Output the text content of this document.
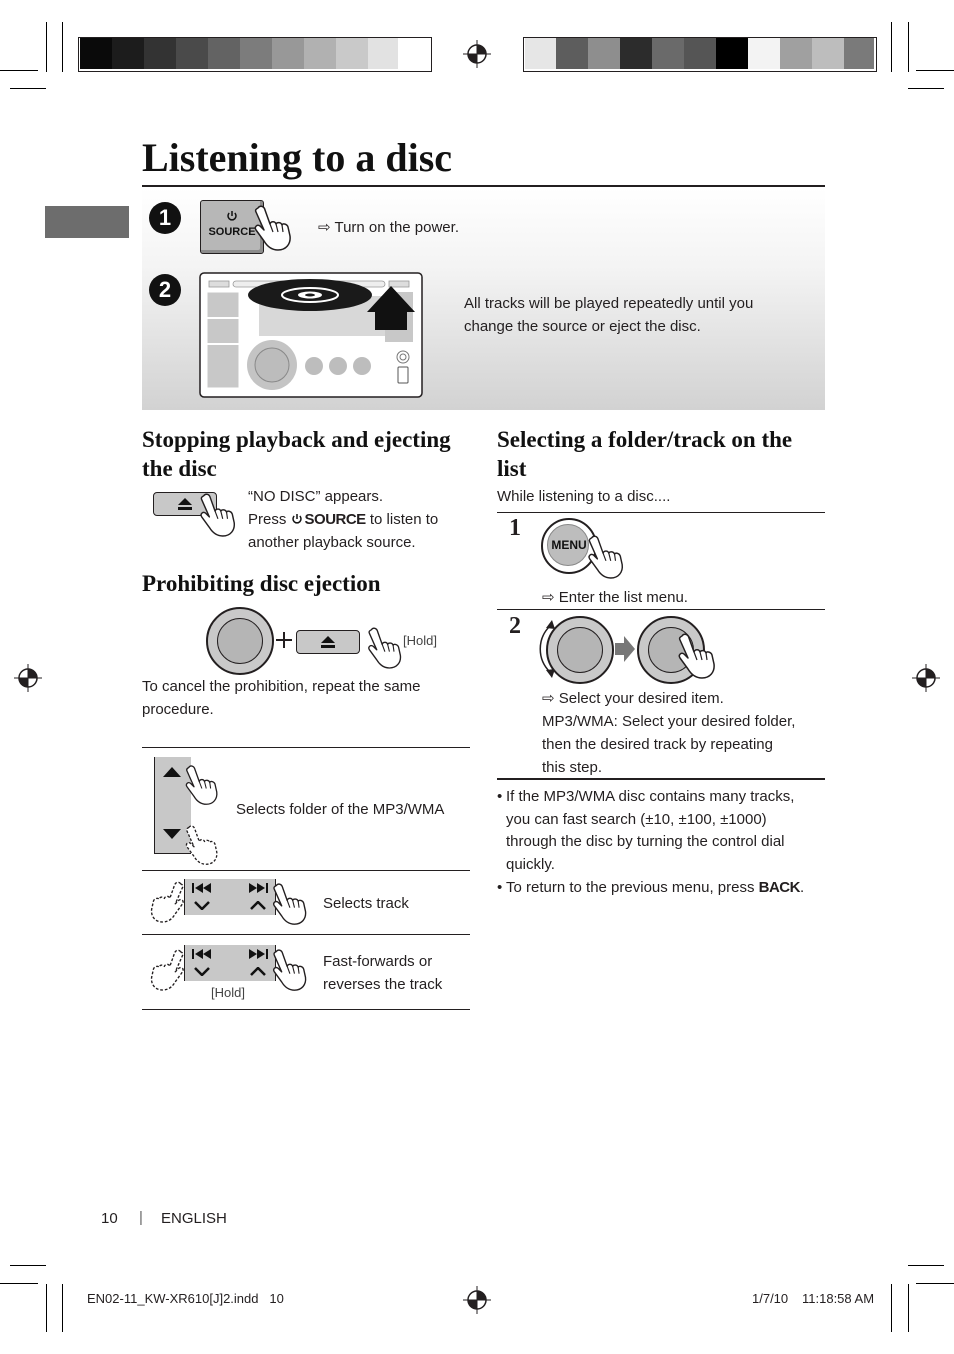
Listening to a disc
1
SOURCE	⇨ Turn on the power.
2
All tracks will be played repeatedly until you change the source or eject the disc.
Stopping playback and ejecting
the disc
“NO DISC” appears.
Press SOURCE to listen to
another playback source.
Prohibiting disc ejection
[Hold]
To cancel the prohibition, repeat the same
procedure.
Selects folder of the MP3/WMA
Selects track
[Hold]
Fast-forwards or
reverses the track
Selecting a folder/track on the
list
While listening to a disc....
1
MENU
⇨ Enter the list menu.
2
⇨ Select your desired item.
MP3/WMA: Select your desired folder,
then the desired track by repeating
this step.
• If the MP3/WMA disc contains many tracks,
you can fast search (±10, ±100, ±1000)
through the disc by turning the control dial
quickly.
• To return to the previous menu, press BACK.
10 | ENGLISH
EN02-11_KW-XR610[J]2.indd   10	1/7/10 11:18:58 AM
